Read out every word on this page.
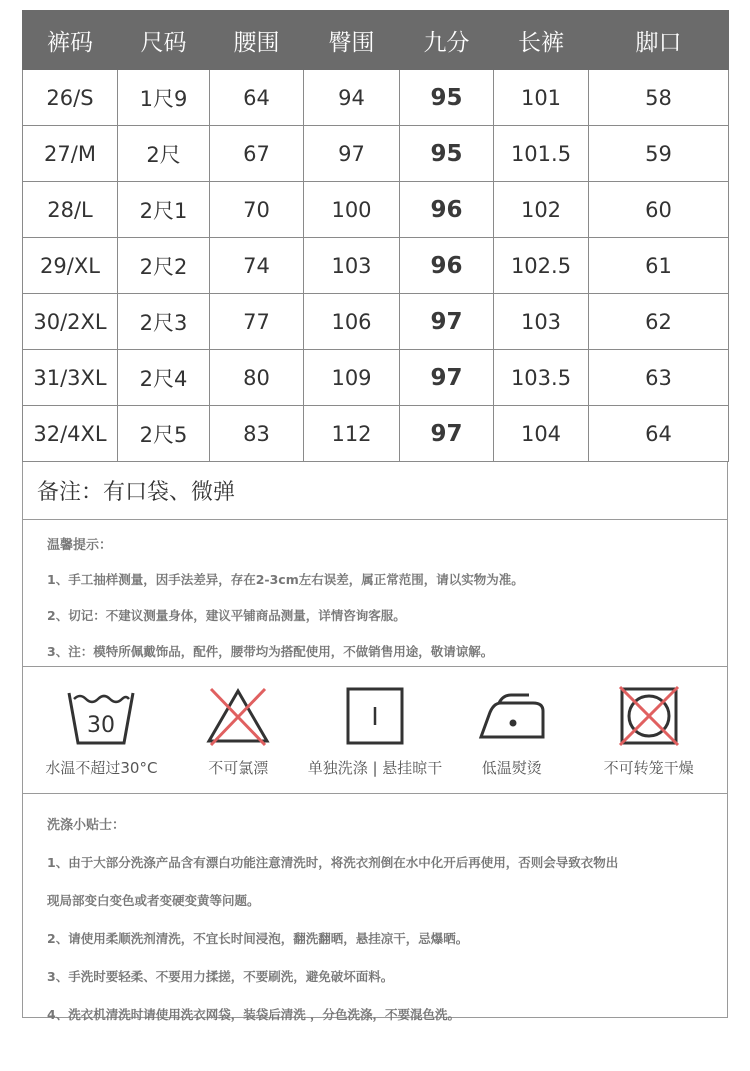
裤码	尺码	腰围	臀围	九分	长裤	脚口
26/S	1尺9	64	94	95	101	58
27/M	2尺	67	97	95	101.5	59
28/L	2尺1	70	100	96	102	60
29/XL	2尺2	74	103	96	102.5	61
30/2XL	2尺3	77	106	97	103	62
31/3XL	2尺4	80	109	97	103.5	63
32/4XL	2尺5	83	112	97	104	64
备注：有口袋、微弹
温馨提示：
1、手工抽样测量，因手法差异，存在2-3cm左右误差，属正常范围，请以实物为准。
2、切记：不建议测量身体，建议平铺商品测量，详情咨询客服。
3、注：模特所佩戴饰品，配件，腰带均为搭配使用，不做销售用途，敬请谅解。
30
水温不超过30°C	不可氯漂	单独洗涤 | 悬挂晾干	低温熨烫	不可转笼干燥
洗涤小贴士：
1、由于大部分洗涤产品含有漂白功能注意清洗时，将洗衣剂倒在水中化开后再使用，否则会导致衣物出
现局部变白变色或者变硬变黄等问题。
2、请使用柔顺洗剂清洗，不宜长时间浸泡，翻洗翻晒，悬挂凉干，忌爆晒。
3、手洗时要轻柔、不要用力揉搓，不要刷洗，避免破坏面料。
4、洗衣机清洗时请使用洗衣网袋，装袋后清洗 ，分色洗涤，不要混色洗。
